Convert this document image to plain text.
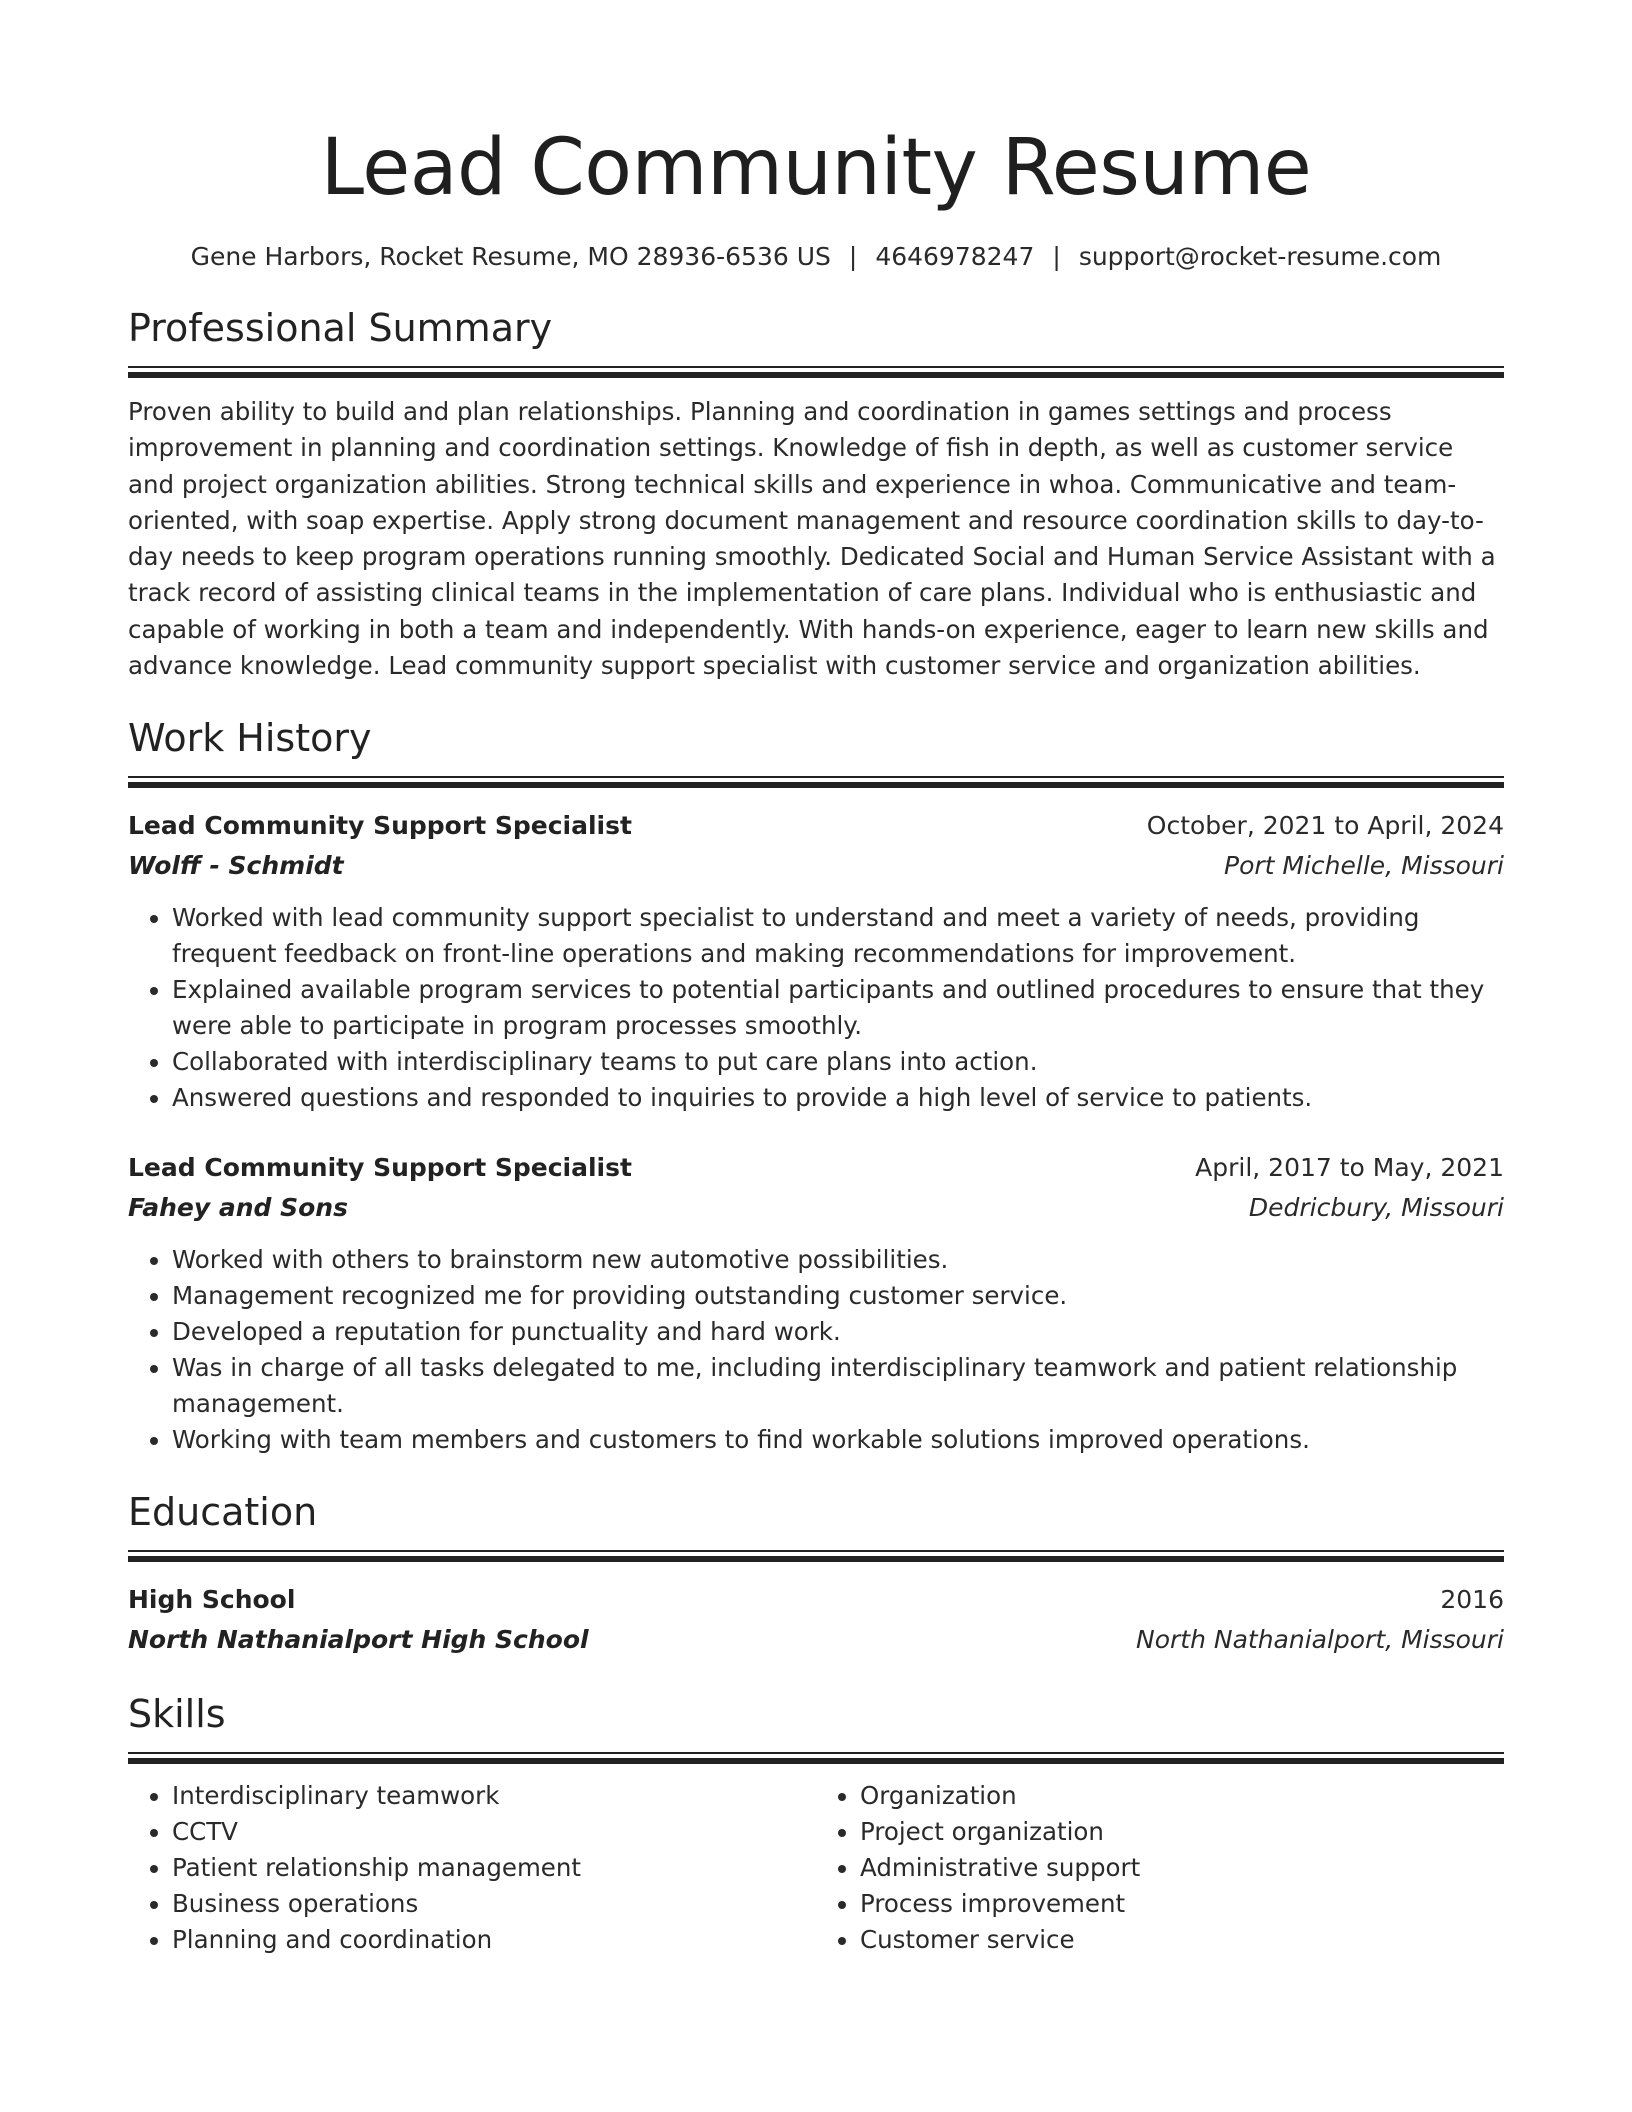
Lead Community Resume
Gene Harbors, Rocket Resume, MO 28936-6536 US | 4646978247 | support@rocket-resume.com
Professional Summary

Proven ability to build and plan relationships. Planning and coordination in games settings and process improvement in planning and coordination settings. Knowledge of fish in depth, as well as customer service and project organization abilities. Strong technical skills and experience in whoa. Communicative and team-oriented, with soap expertise. Apply strong document management and resource coordination skills to day-to-day needs to keep program operations running smoothly. Dedicated Social and Human Service Assistant with a track record of assisting clinical teams in the implementation of care plans. Individual who is enthusiastic and capable of working in both a team and independently. With hands-on experience, eager to learn new skills and advance knowledge. Lead community support specialist with customer service and organization abilities.

Work History
Lead Community Support Specialist	October, 2021 to April, 2024
Wolff - Schmidt	Port Michelle, Missouri
• Worked with lead community support specialist to understand and meet a variety of needs, providing frequent feedback on front-line operations and making recommendations for improvement.
• Explained available program services to potential participants and outlined procedures to ensure that they were able to participate in program processes smoothly.
• Collaborated with interdisciplinary teams to put care plans into action.
• Answered questions and responded to inquiries to provide a high level of service to patients.
Lead Community Support Specialist	April, 2017 to May, 2021
Fahey and Sons	Dedricbury, Missouri
• Worked with others to brainstorm new automotive possibilities.
• Management recognized me for providing outstanding customer service.
• Developed a reputation for punctuality and hard work.
• Was in charge of all tasks delegated to me, including interdisciplinary teamwork and patient relationship management.
• Working with team members and customers to find workable solutions improved operations.
Education
High School	2016
North Nathanialport High School	North Nathanialport, Missouri
Skills
• Interdisciplinary teamwork
• CCTV
• Patient relationship management
• Business operations
• Planning and coordination
• Organization
• Project organization
• Administrative support
• Process improvement
• Customer service
